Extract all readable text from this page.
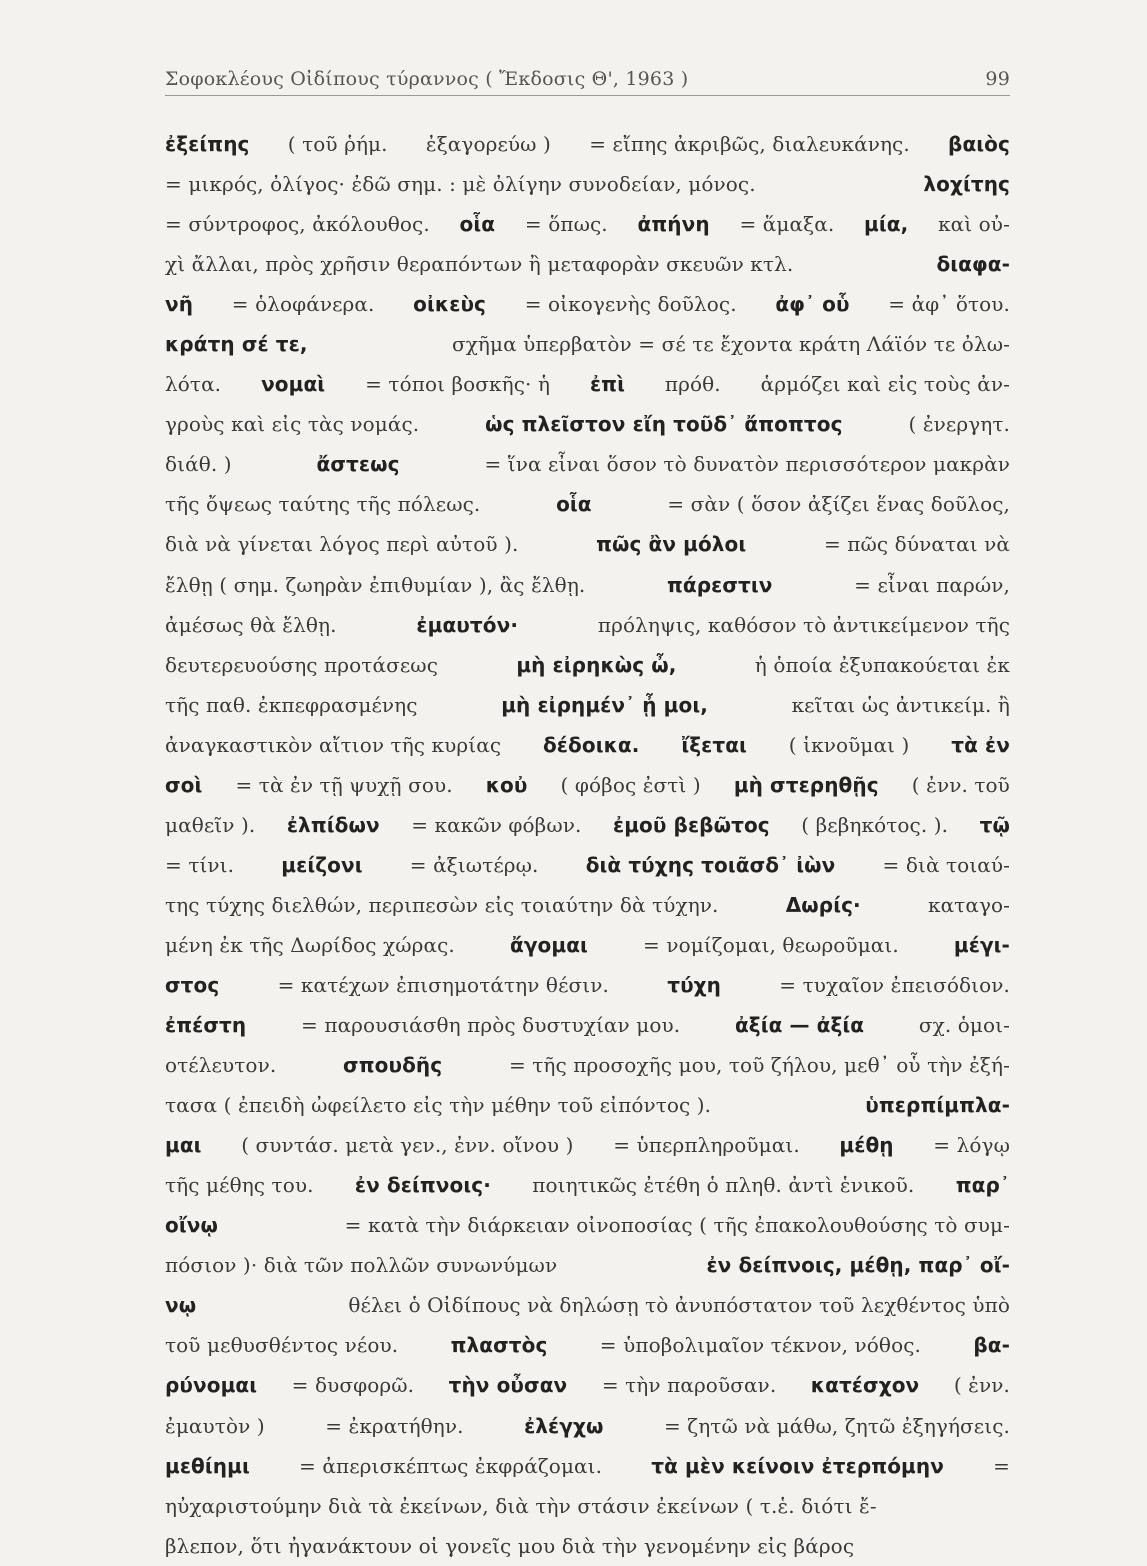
Σοφοκλέους Οἰδίπους τύραννος ( Ἔκδοσις Θ', 1963 )	99
ἐξείπης ( τοῦ ῥήμ. ἐξαγορεύω ) = εἴπης ἀκριβῶς, διαλευκάνης. βαιὸς
= μικρός, ὀλίγος· ἐδῶ σημ. : μὲ ὀλίγην συνοδείαν, μόνος.	λοχίτης
= σύντροφος, ἀκόλουθος. οἷα = ὅπως. ἀπήνη = ἅμαξα. μία, καὶ οὐ-
χὶ ἄλλαι, πρὸς χρῆσιν θεραπόντων ἢ μεταφορὰν σκευῶν κτλ.	διαφα-
νῆ = ὁλοφάνερα. οἰκεὺς = οἰκογενὴς δοῦλος. ἀφ᾽ οὗ = ἀφ᾽ ὅτου.
κράτη σέ τε,	σχῆμα ὑπερβατὸν = σέ τε ἔχοντα κράτη Λάϊόν τε ὀλω-
λότα. νομαὶ = τόποι βοσκῆς· ἡ ἐπὶ πρόθ. ἁρμόζει καὶ εἰς τοὺς ἀν-
γροὺς καὶ εἰς τὰς νομάς.	ὡς πλεῖστον εἴη τοῦδ᾽ ἄποπτος	( ἐνεργητ.
διάθ. )	ἄστεως	= ἵνα εἶναι ὅσον τὸ δυνατὸν περισσότερον μακρὰν
τῆς ὄψεως ταύτης τῆς πόλεως.	οἷα	= σὰν ( ὅσον ἀξίζει ἕνας δοῦλος,
διὰ νὰ γίνεται λόγος περὶ αὐτοῦ ).	πῶς ἂν μόλοι	= πῶς δύναται νὰ
ἔλθῃ ( σημ. ζωηρὰν ἐπιθυμίαν ), ἂς ἔλθῃ.	πάρεστιν	= εἶναι παρών,
ἀμέσως θὰ ἔλθῃ.	ἐμαυτόν·	πρόληψις, καθόσον τὸ ἀντικείμενον τῆς
δευτερευούσης προτάσεως	μὴ εἰρηκὼς ὦ,	ἡ ὁποία ἐξυπακούεται ἐκ
τῆς παθ. ἐκπεφρασμένης	μὴ εἰρημέν᾽ ᾖ μοι,	κεῖται ὡς ἀντικείμ. ἢ
ἀναγκαστικὸν αἴτιον τῆς κυρίας δέδοικα. ἴξεται ( ἱκνοῦμαι ) τὰ ἐν
σοὶ = τὰ ἐν τῇ ψυχῇ σου. κοὐ ( φόβος ἐστὶ ) μὴ στερηθῇς ( ἐνν. τοῦ
μαθεῖν ). ἐλπίδων = κακῶν φόβων. ἐμοῦ βεβῶτος ( βεβηκότος. ). τῷ
= τίνι. μείζονι = ἀξιωτέρῳ. διὰ τύχης τοιᾶσδ᾽ ἰὼν = διὰ τοιαύ-
της τύχης διελθών, περιπεσὼν εἰς τοιαύτην δὰ τύχην.	Δωρίς·	καταγο-
μένη ἐκ τῆς Δωρίδος χώρας.	ἄγομαι	= νομίζομαι, θεωροῦμαι.	μέγι-
στος	= κατέχων ἐπισημοτάτην θέσιν.	τύχη	= τυχαῖον ἐπεισόδιον.
ἐπέστη	= παρουσιάσθη πρὸς δυστυχίαν μου.	ἀξία — ἀξία	σχ. ὁμοι-
οτέλευτον.	σπουδῆς	= τῆς προσοχῆς μου, τοῦ ζήλου, μεθ᾽ οὗ τὴν ἐξή-
τασα ( ἐπειδὴ ὠφείλετο εἰς τὴν μέθην τοῦ εἰπόντος ).	ὑπερπίμπλα-
μαι ( συντάσ. μετὰ γεν., ἐνν. οἴνου ) = ὑπερπληροῦμαι. μέθῃ = λόγῳ
τῆς μέθης του. ἐν δείπνοις· ποιητικῶς ἐτέθη ὁ πληθ. ἀντὶ ἑνικοῦ. παρ᾽
οἴνῳ	= κατὰ τὴν διάρκειαν οἰνοποσίας ( τῆς ἐπακολουθούσης τὸ συμ-
πόσιον )· διὰ τῶν πολλῶν συνωνύμων	ἐν δείπνοις, μέθῃ, παρ᾽ οἴ-
νῳ	θέλει ὁ Οἰδίπους νὰ δηλώσῃ τὸ ἀνυπόστατον τοῦ λεχθέντος ὑπὸ
τοῦ μεθυσθέντος νέου.	πλαστὸς	= ὑποβολιμαῖον τέκνον, νόθος.	βα-
ρύνομαι = δυσφορῶ. τὴν οὖσαν = τὴν παροῦσαν. κατέσχον ( ἐνν.
ἐμαυτὸν )	= ἐκρατήθην.	ἐλέγχω	= ζητῶ νὰ μάθω, ζητῶ ἐξηγήσεις.
μεθίημι = ἀπερισκέπτως ἐκφράζομαι. τὰ μὲν κείνοιν ἐτερπόμην =
ηὐχαριστούμην διὰ τὰ ἐκείνων, διὰ τὴν στάσιν ἐκείνων ( τ.ἑ. διότι ἔ-
βλεπον, ὅτι ἠγανάκτουν οἱ γονεῖς μου διὰ τὴν γενομένην εἰς βάρος
